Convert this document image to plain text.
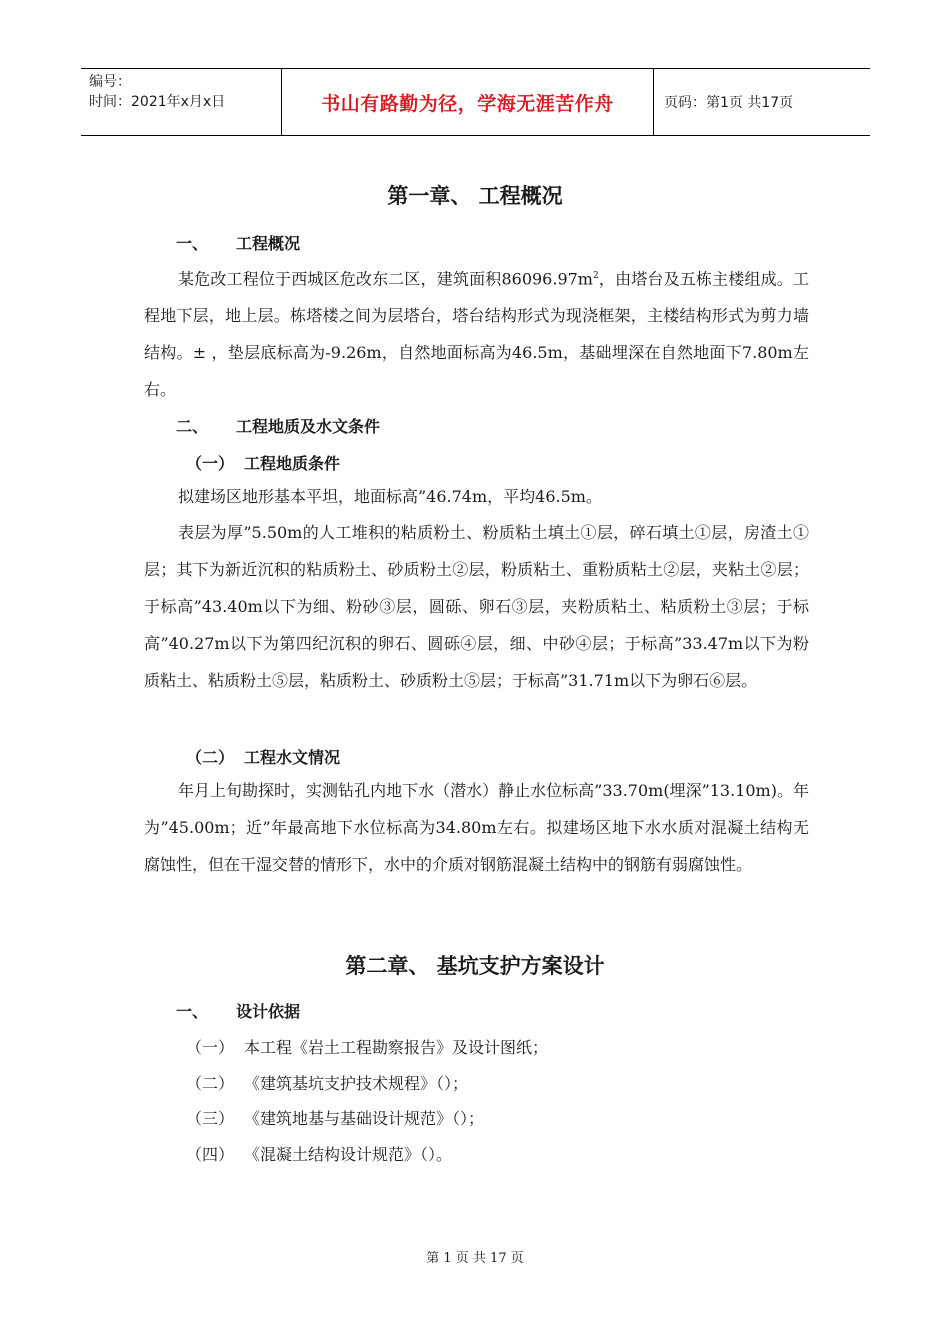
编号：
时间：2021年x月x日	书山有路勤为径，学海无涯苦作舟	页码：第1页 共17页
第一章、 工程概况
一、 工程概况
某危改工程位于西城区危改东二区，建筑面积$86096.97m^2$，由塔台及五栋主楼组成。工程地下层，地上层。栋塔楼之间为层塔台，塔台结构形式为现浇框架，主楼结构形式为剪力墙结构。± ，垫层底标高为-9.26m，自然地面标高为46.5m，基础埋深在自然地面下7.80m左右。
二、 工程地质及水文条件
（一） 工程地质条件
拟建场区地形基本平坦，地面标高”46.74m，平均46.5m。
表层为厚”5.50m的人工堆积的粘质粉土、粉质粘土填土①层，碎石填土①层，房渣土①层；其下为新近沉积的粘质粉土、砂质粉土②层，粉质粘土、重粉质粘土②层，夹粘土②层；于标高”43.40m以下为细、粉砂③层，圆砾、卵石③层，夹粉质粘土、粘质粉土③层；于标高”40.27m以下为第四纪沉积的卵石、圆砾④层，细、中砂④层；于标高”33.47m以下为粉质粘土、粘质粉土⑤层，粘质粉土、砂质粉土⑤层；于标高”31.71m以下为卵石⑥层。
（二） 工程水文情况
年月上旬勘探时，实测钻孔内地下水（潜水）静止水位标高”33.70m(埋深”13.10m)。年为”45.00m；近”年最高地下水位标高为34.80m左右。拟建场区地下水水质对混凝土结构无腐蚀性，但在干湿交替的情形下，水中的介质对钢筋混凝土结构中的钢筋有弱腐蚀性。
第二章、 基坑支护方案设计
一、 设计依据
（一） 本工程《岩土工程勘察报告》及设计图纸；
（二） 《建筑基坑支护技术规程》（）；
（三） 《建筑地基与基础设计规范》（）；
（四） 《混凝土结构设计规范》（）。
第 1 页 共 17 页
